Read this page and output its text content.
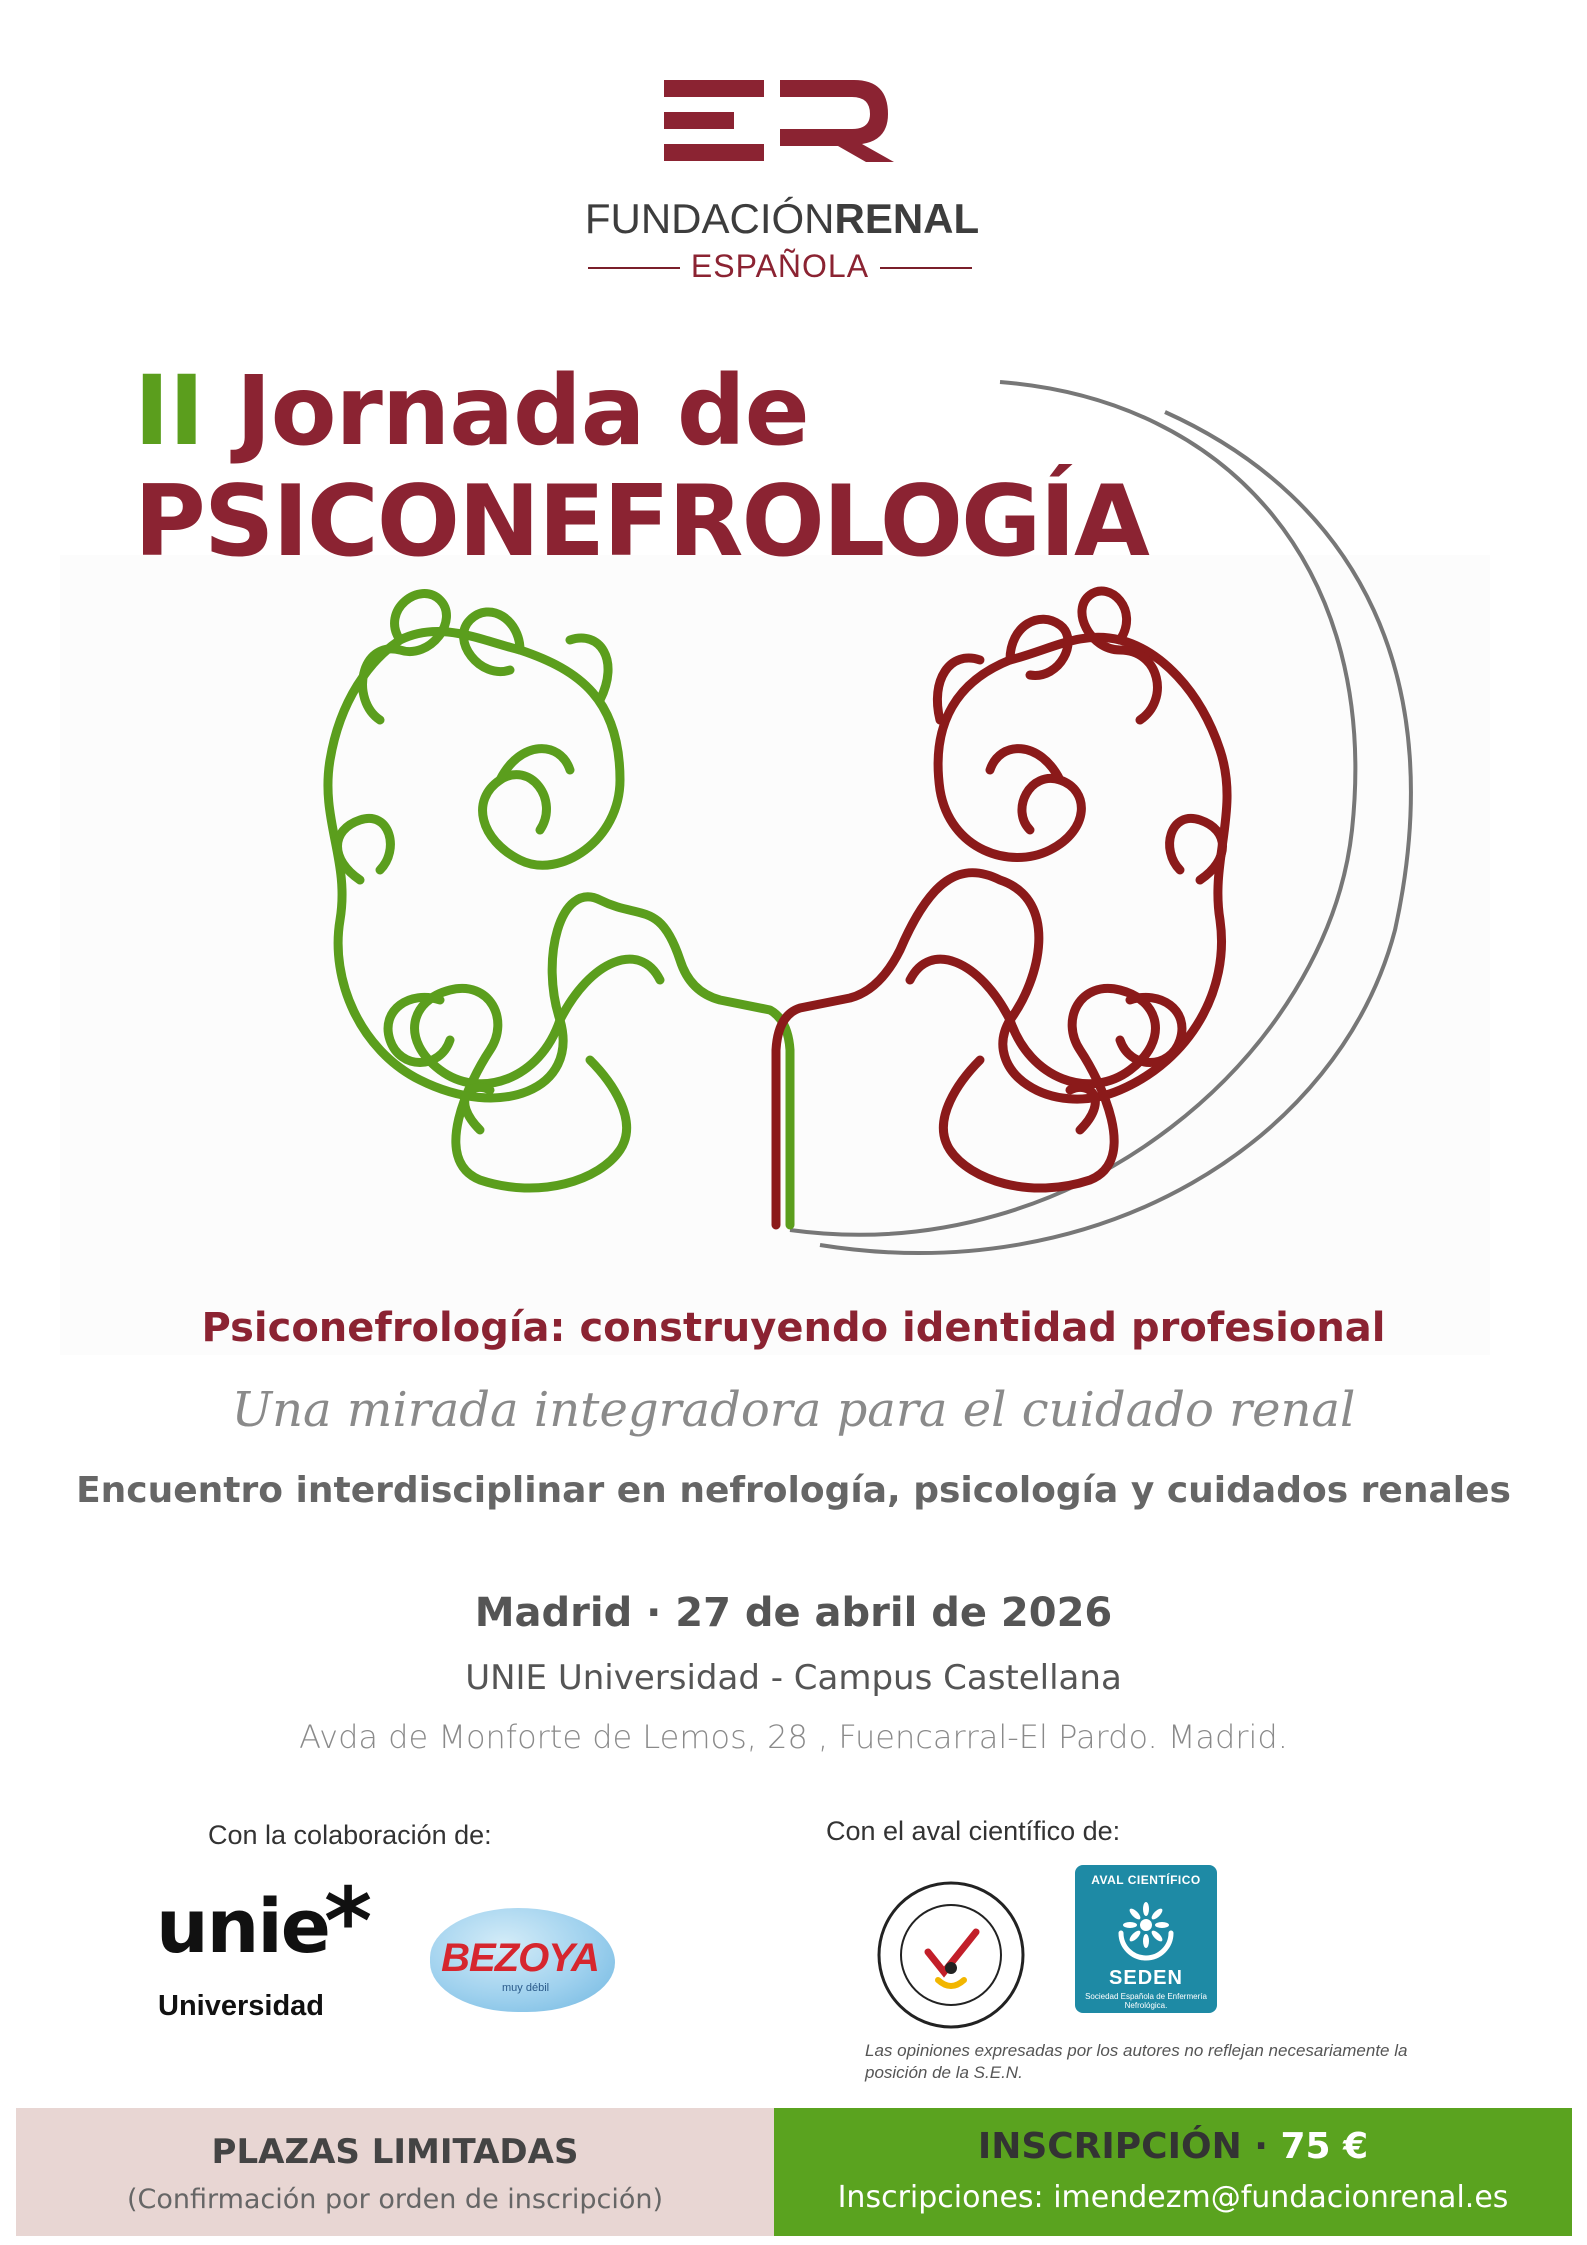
FUNDACIÓNRENAL
ESPAÑOLA
II Jornada de
PSICONEFROLOGÍA
Psiconefrología: construyendo identidad profesional
Una mirada integradora para el cuidado renal
Encuentro interdisciplinar en nefrología, psicología y cuidados renales
Madrid · 27 de abril de 2026
UNIE Universidad - Campus Castellana
Avda de Monforte de Lemos, 28 , Fuencarral-El Pardo. Madrid.
Con la colaboración de:	Con el aval científico de:
unie
*
Universidad
BEZOYA
muy débil
AVAL CIENTÍFICO
SEDEN
Sociedad Española de Enfermería Nefrológica.
Las opiniones expresadas por los autores no reflejan necesariamente la posición de la S.E.N.
PLAZAS LIMITADAS
(Confirmación por orden de inscripción)
INSCRIPCIÓN · 75 €
Inscripciones: imendezm@fundacionrenal.es
